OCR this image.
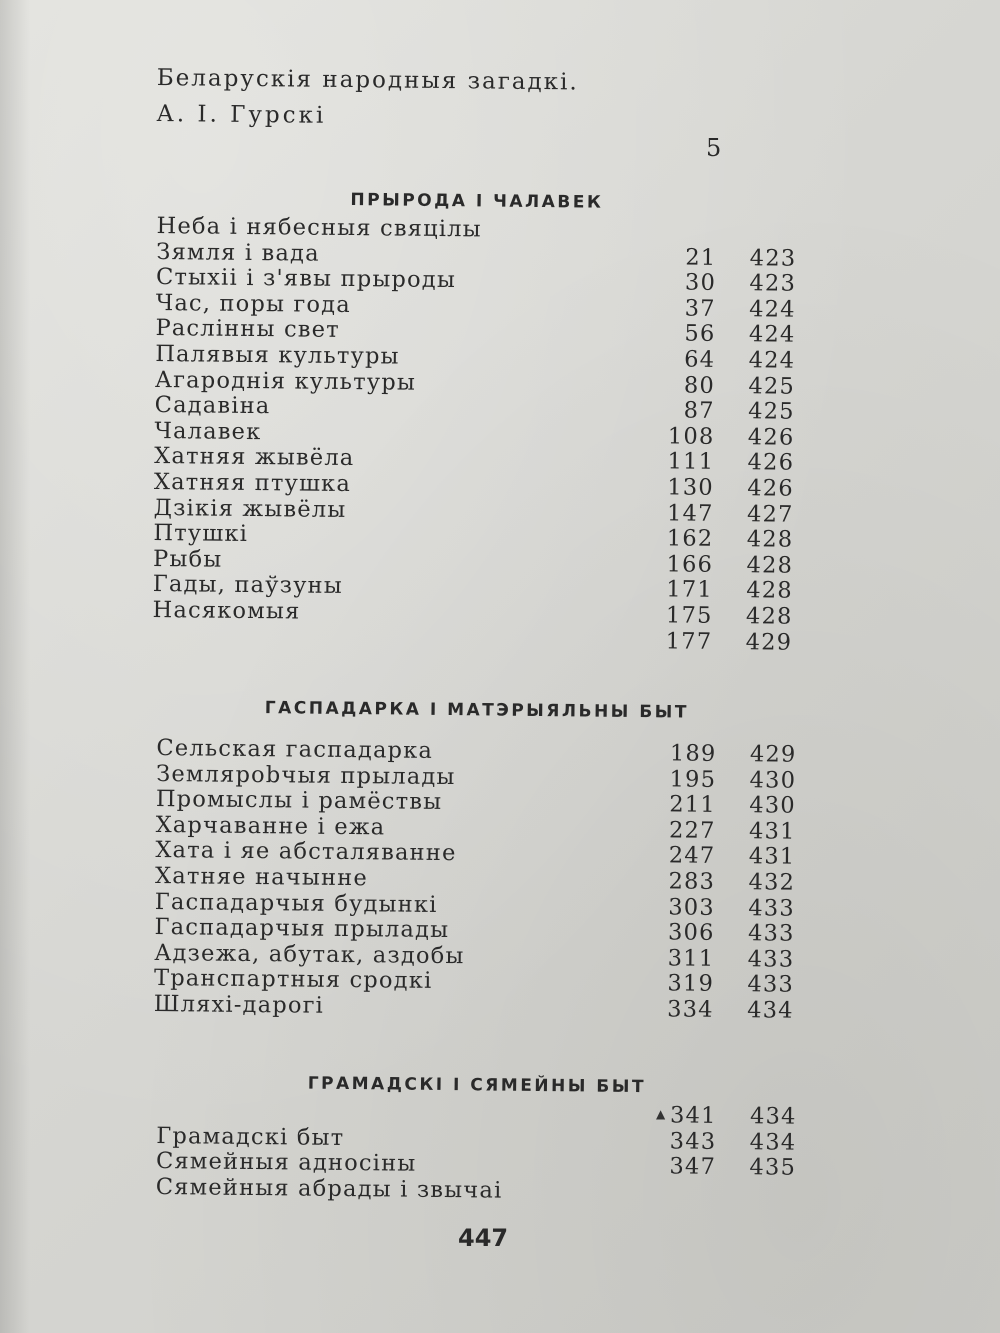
Беларускія народныя загадкі.
А. І. Гурскі
5
ПРЫРОДА І ЧАЛАВЕК
Неба і нябесныя свяцілы
Зямля і вада	21	423
Стыхіі і з'явы прыроды	30	423
Час, поры года	37	424
Раслінны свет	56	424
Палявыя культуры	64	424
Агароднія культуры	80	425
Садавіна	87	425
Чалавек	108	426
Хатняя жывёла	111	426
Хатняя птушка	130	426
Дзікія жывёлы	147	427
Птушкі	162	428
Рыбы	166	428
Гады, паўзуны	171	428
Насякомыя	175	428
177	429
ГАСПАДАРКА І МАТЭРЫЯЛЬНЫ БЫТ
Сельская гаспадарка	189	429
Землярobчыя прылады	195	430
Промыслы і рамёствы	211	430
Харчаванне і ежа	227	431
Хата і яе абсталяванне	247	431
Хатняе начынне	283	432
Гаспадарчыя будынкі	303	433
Гаспадарчыя прылады	306	433
Адзежа, абутак, аздобы	311	433
Транспартныя сродкі	319	433
Шляхі-дарогі	334	434
ГРАМАДСКІ І СЯМЕЙНЫ БЫТ
341	434
Грамадскі быт	343	434
Сямейныя адносіны	347	435
Сямейныя абрады і звычаі
▲
447
